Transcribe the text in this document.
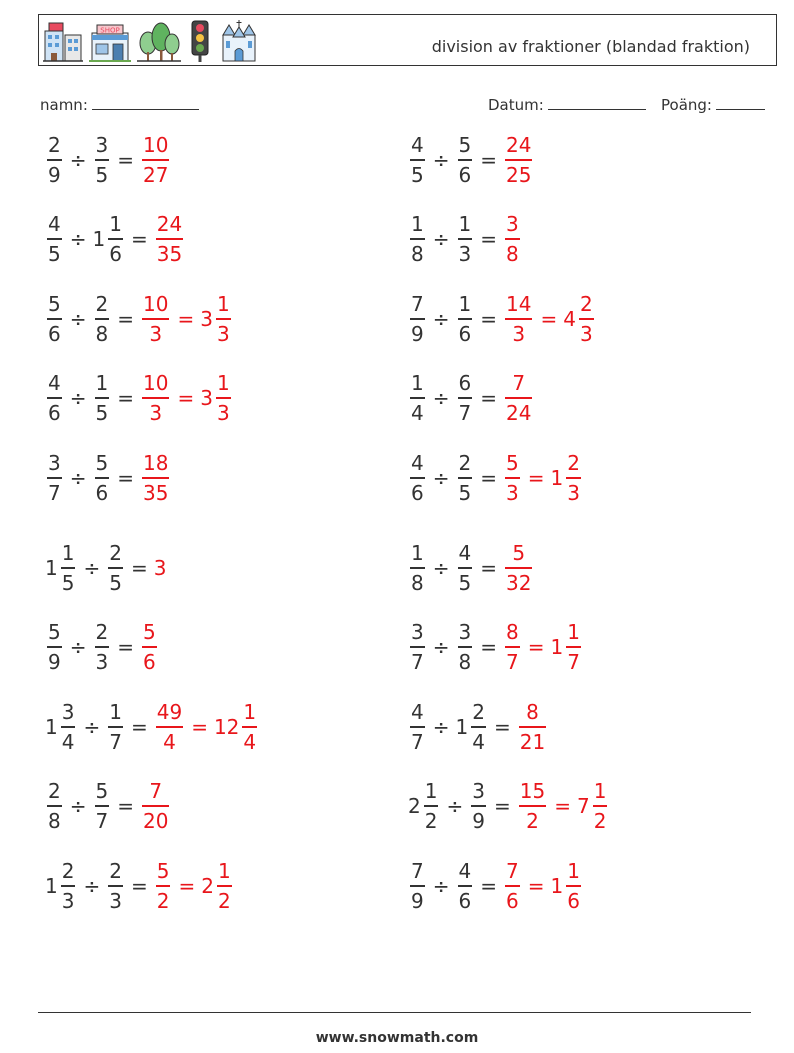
SHOP
division av fraktioner (blandad fraktion)
namn:	Datum:	Poäng:
$\frac{2}{9} \div \frac{3}{5} = \frac{10}{27}$	$\frac{4}{5} \div \frac{5}{6} = \frac{24}{25}$
$\frac{4}{5} \div 1 \frac{1}{6} = \frac{24}{35}$	$\frac{1}{8} \div \frac{1}{3} = \frac{3}{8}$
$\frac{5}{6} \div \frac{2}{8} = \frac{10}{3} = 3 \frac{1}{3}$	$\frac{7}{9} \div \frac{1}{6} = \frac{14}{3} = 4 \frac{2}{3}$
$\frac{4}{6} \div \frac{1}{5} = \frac{10}{3} = 3 \frac{1}{3}$	$\frac{1}{4} \div \frac{6}{7} = \frac{7}{24}$
$\frac{3}{7} \div \frac{5}{6} = \frac{18}{35}$	$\frac{4}{6} \div \frac{2}{5} = \frac{5}{3} = 1 \frac{2}{3}$
$1 \frac{1}{5} \div \frac{2}{5} = 3$	$\frac{1}{8} \div \frac{4}{5} = \frac{5}{32}$
$\frac{5}{9} \div \frac{2}{3} = \frac{5}{6}$	$\frac{3}{7} \div \frac{3}{8} = \frac{8}{7} = 1 \frac{1}{7}$
$1 \frac{3}{4} \div \frac{1}{7} = \frac{49}{4} = 12 \frac{1}{4}$	$\frac{4}{7} \div 1 \frac{2}{4} = \frac{8}{21}$
$\frac{2}{8} \div \frac{5}{7} = \frac{7}{20}$	$2 \frac{1}{2} \div \frac{3}{9} = \frac{15}{2} = 7 \frac{1}{2}$
$1 \frac{2}{3} \div \frac{2}{3} = \frac{5}{2} = 2 \frac{1}{2}$	$\frac{7}{9} \div \frac{4}{6} = \frac{7}{6} = 1 \frac{1}{6}$
www.snowmath.com
